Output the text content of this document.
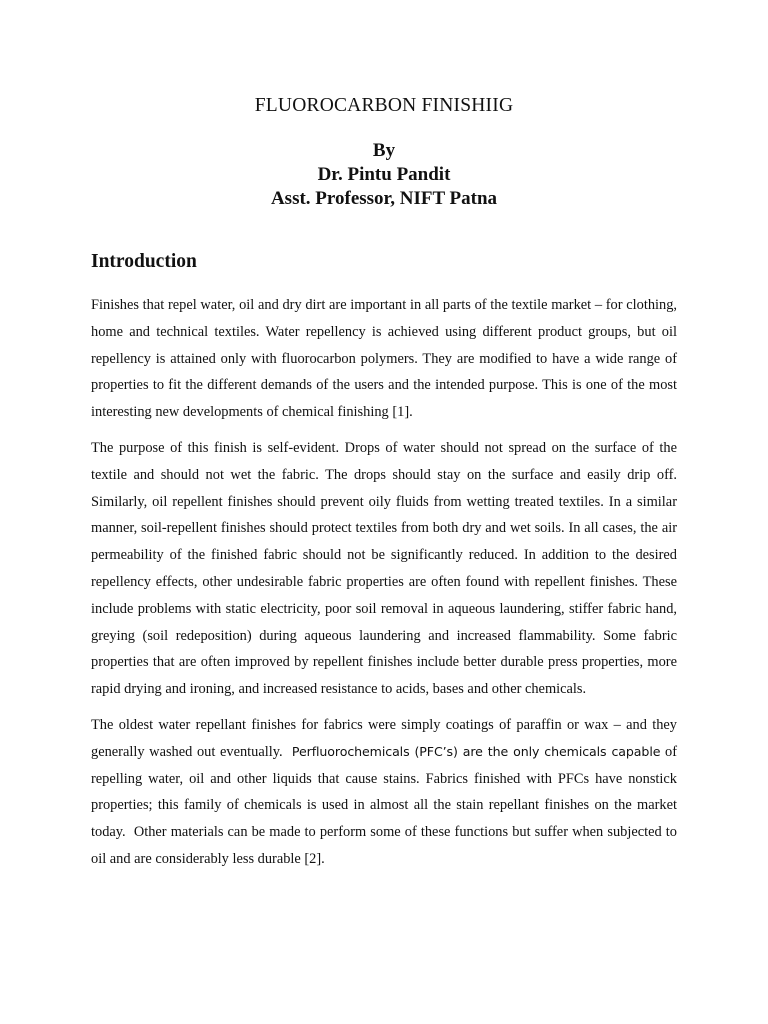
FLUOROCARBON FINISHIIG
By
Dr. Pintu Pandit
Asst. Professor, NIFT Patna
Introduction

Finishes that repel water, oil and dry dirt are important in all parts of the textile market – for clothing, home and technical textiles. Water repellency is achieved using different product groups, but oil repellency is attained only with fluorocarbon polymers. They are modified to have a wide range of properties to fit the different demands of the users and the intended purpose. This is one of the most interesting new developments of chemical finishing [1].

The purpose of this finish is self-evident. Drops of water should not spread on the surface of the textile and should not wet the fabric. The drops should stay on the surface and easily drip off. Similarly, oil repellent finishes should prevent oily fluids from wetting treated textiles. In a similar manner, soil-repellent finishes should protect textiles from both dry and wet soils. In all cases, the air permeability of the finished fabric should not be significantly reduced. In addition to the desired repellency effects, other undesirable fabric properties are often found with repellent finishes. These include problems with static electricity, poor soil removal in aqueous laundering, stiffer fabric hand, greying (soil redeposition) during aqueous laundering and increased flammability. Some fabric properties that are often improved by repellent finishes include better durable press properties, more rapid drying and ironing, and increased resistance to acids, bases and other chemicals.

The oldest water repellant finishes for fabrics were simply coatings of paraffin or wax – and they generally washed out eventually.  Perfluorochemicals (PFC’s) are the only chemicals capable of repelling water, oil and other liquids that cause stains. Fabrics finished with PFCs have nonstick properties; this family of chemicals is used in almost all the stain repellant finishes on the market today.  Other materials can be made to perform some of these functions but suffer when subjected to oil and are considerably less durable [2].
